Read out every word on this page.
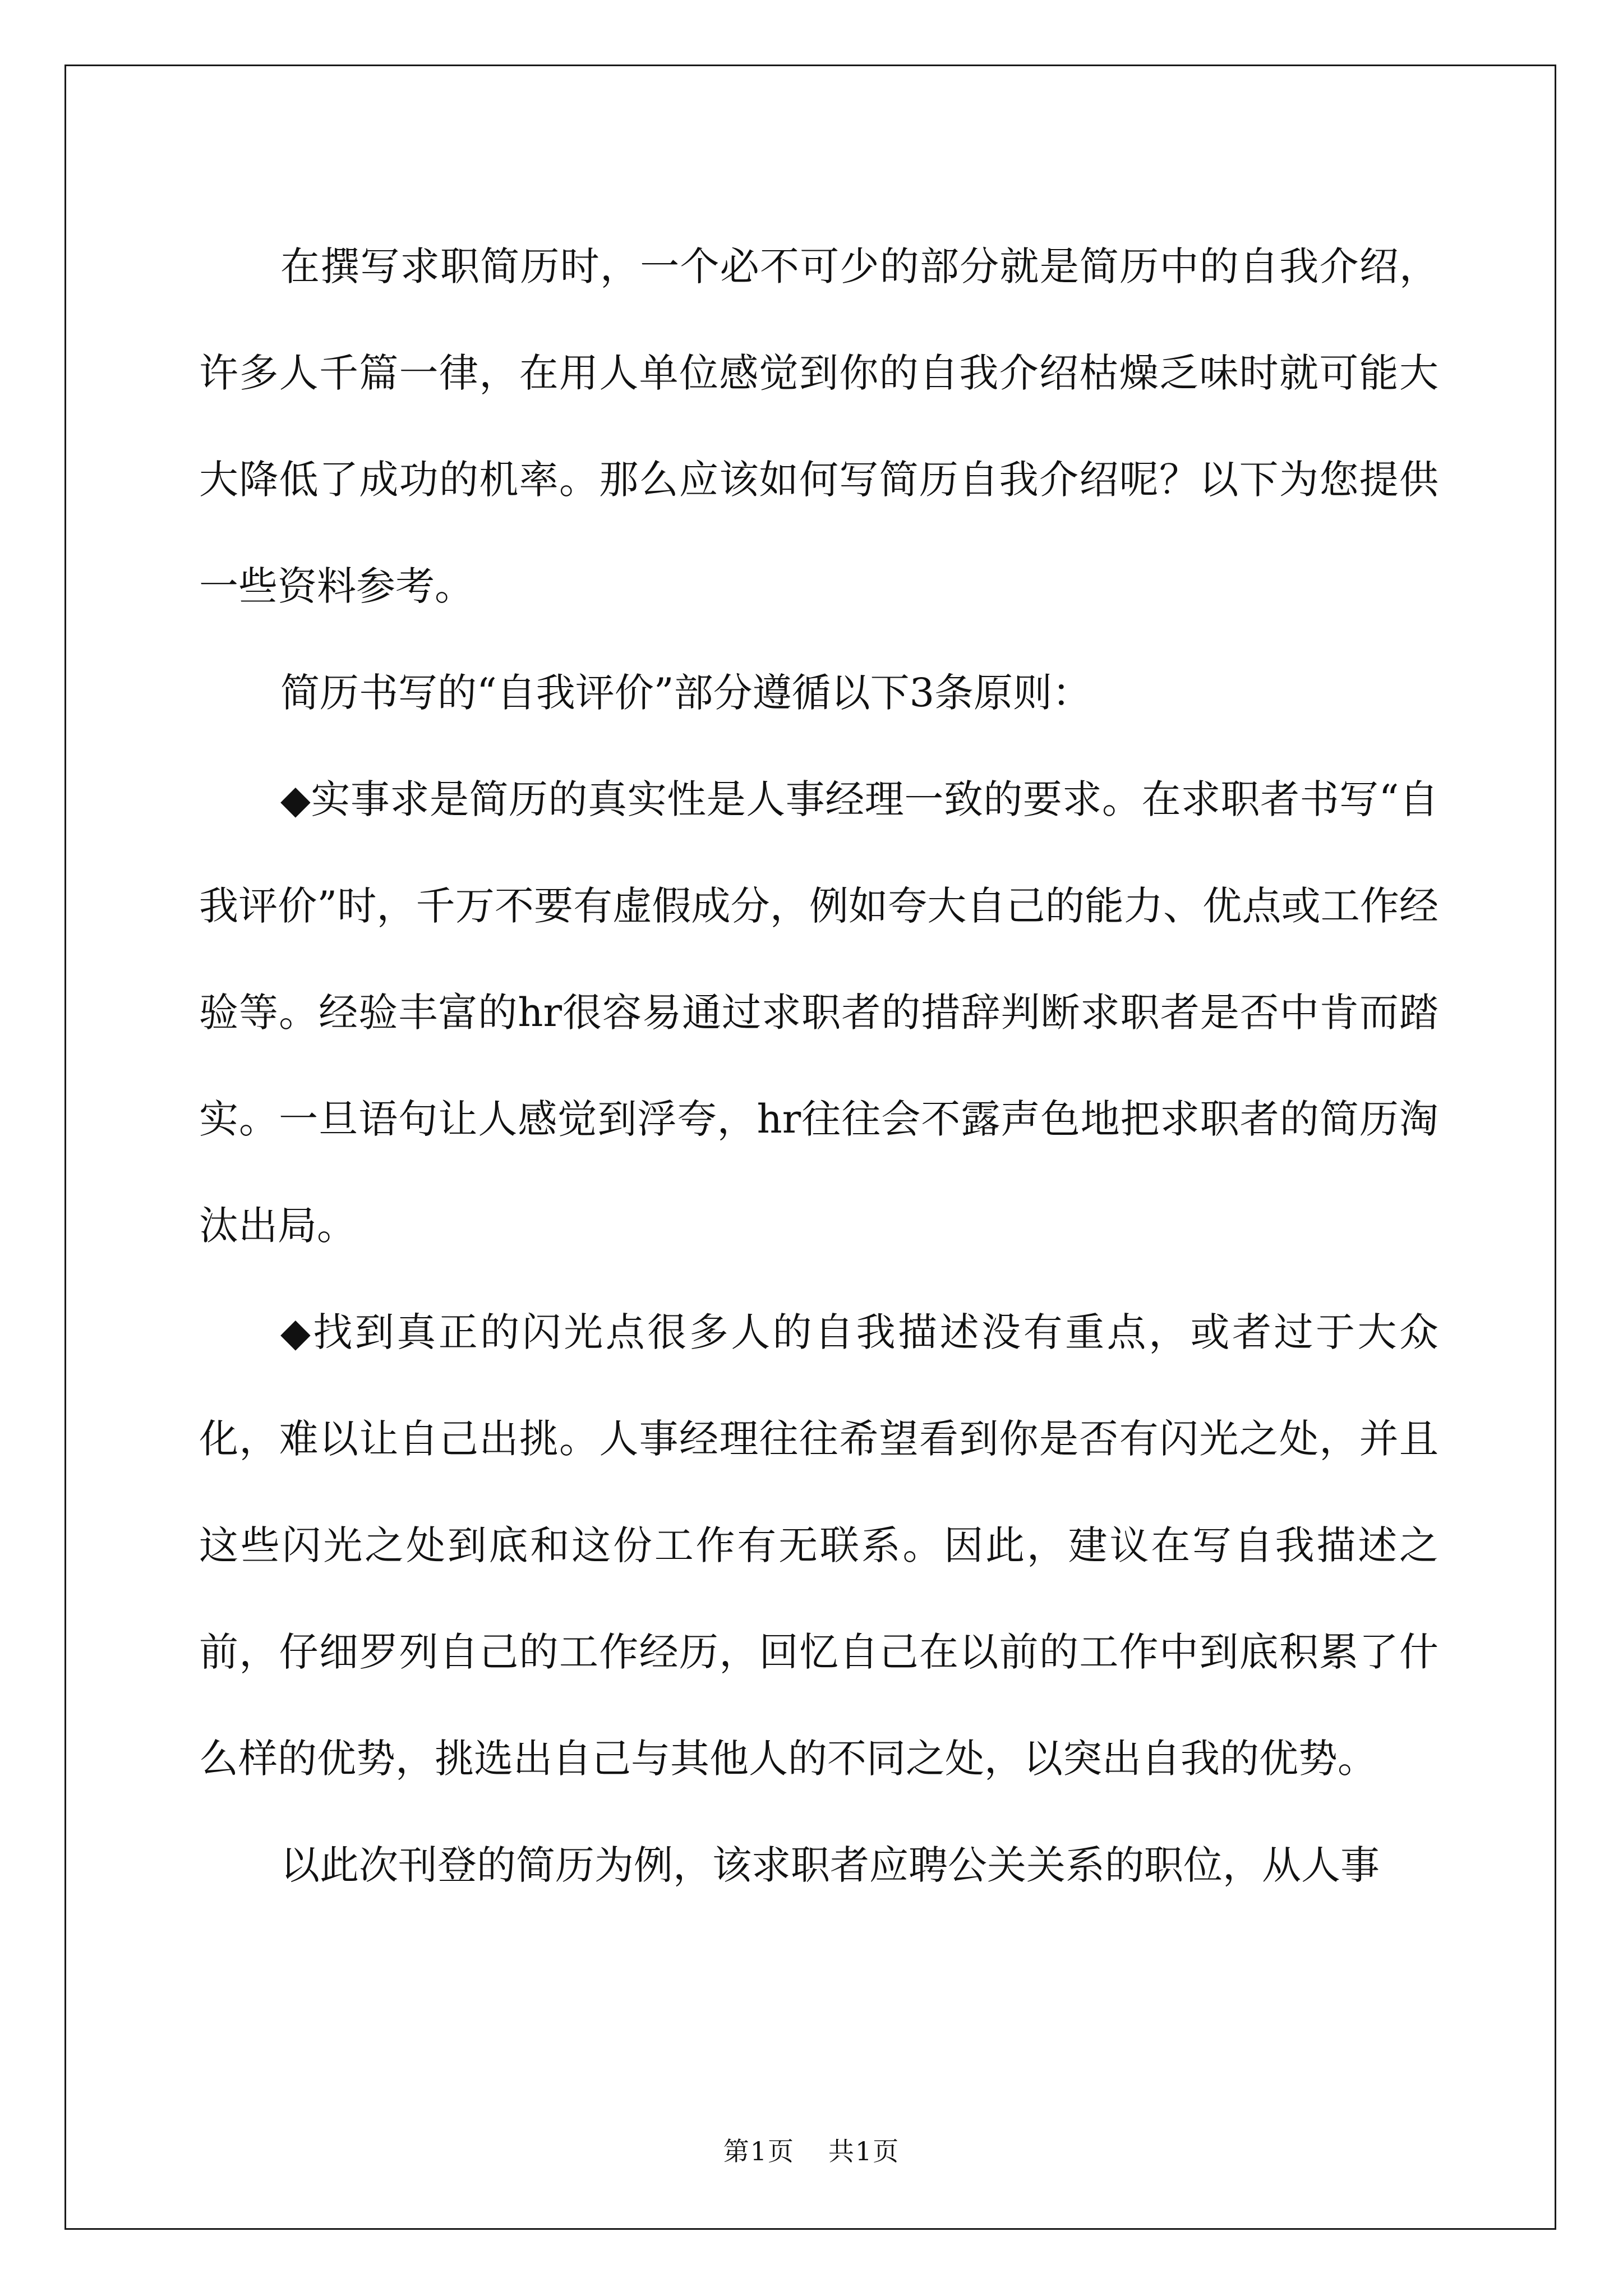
在撰写求职简历时，一个必不可少的部分就是简历中的自我介绍，许多人千篇一律，在用人单位感觉到你的自我介绍枯燥乏味时就可能大大降低了成功的机率。那么应该如何写简历自我介绍呢？以下为您提供一些资料参考。

简历书写的“自我评价”部分遵循以下3条原则：

◆实事求是简历的真实性是人事经理一致的要求。在求职者书写“自我评价”时，千万不要有虚假成分，例如夸大自己的能力、优点或工作经验等。经验丰富的hr很容易通过求职者的措辞判断求职者是否中肯而踏实。一旦语句让人感觉到浮夸，hr往往会不露声色地把求职者的简历淘汰出局。

◆找到真正的闪光点很多人的自我描述没有重点，或者过于大众化，难以让自己出挑。人事经理往往希望看到你是否有闪光之处，并且这些闪光之处到底和这份工作有无联系。因此，建议在写自我描述之前，仔细罗列自己的工作经历，回忆自己在以前的工作中到底积累了什么样的优势，挑选出自己与其他人的不同之处，以突出自我的优势。

以此次刊登的简历为例，该求职者应聘公关关系的职位，从人事

第1页 共1页
